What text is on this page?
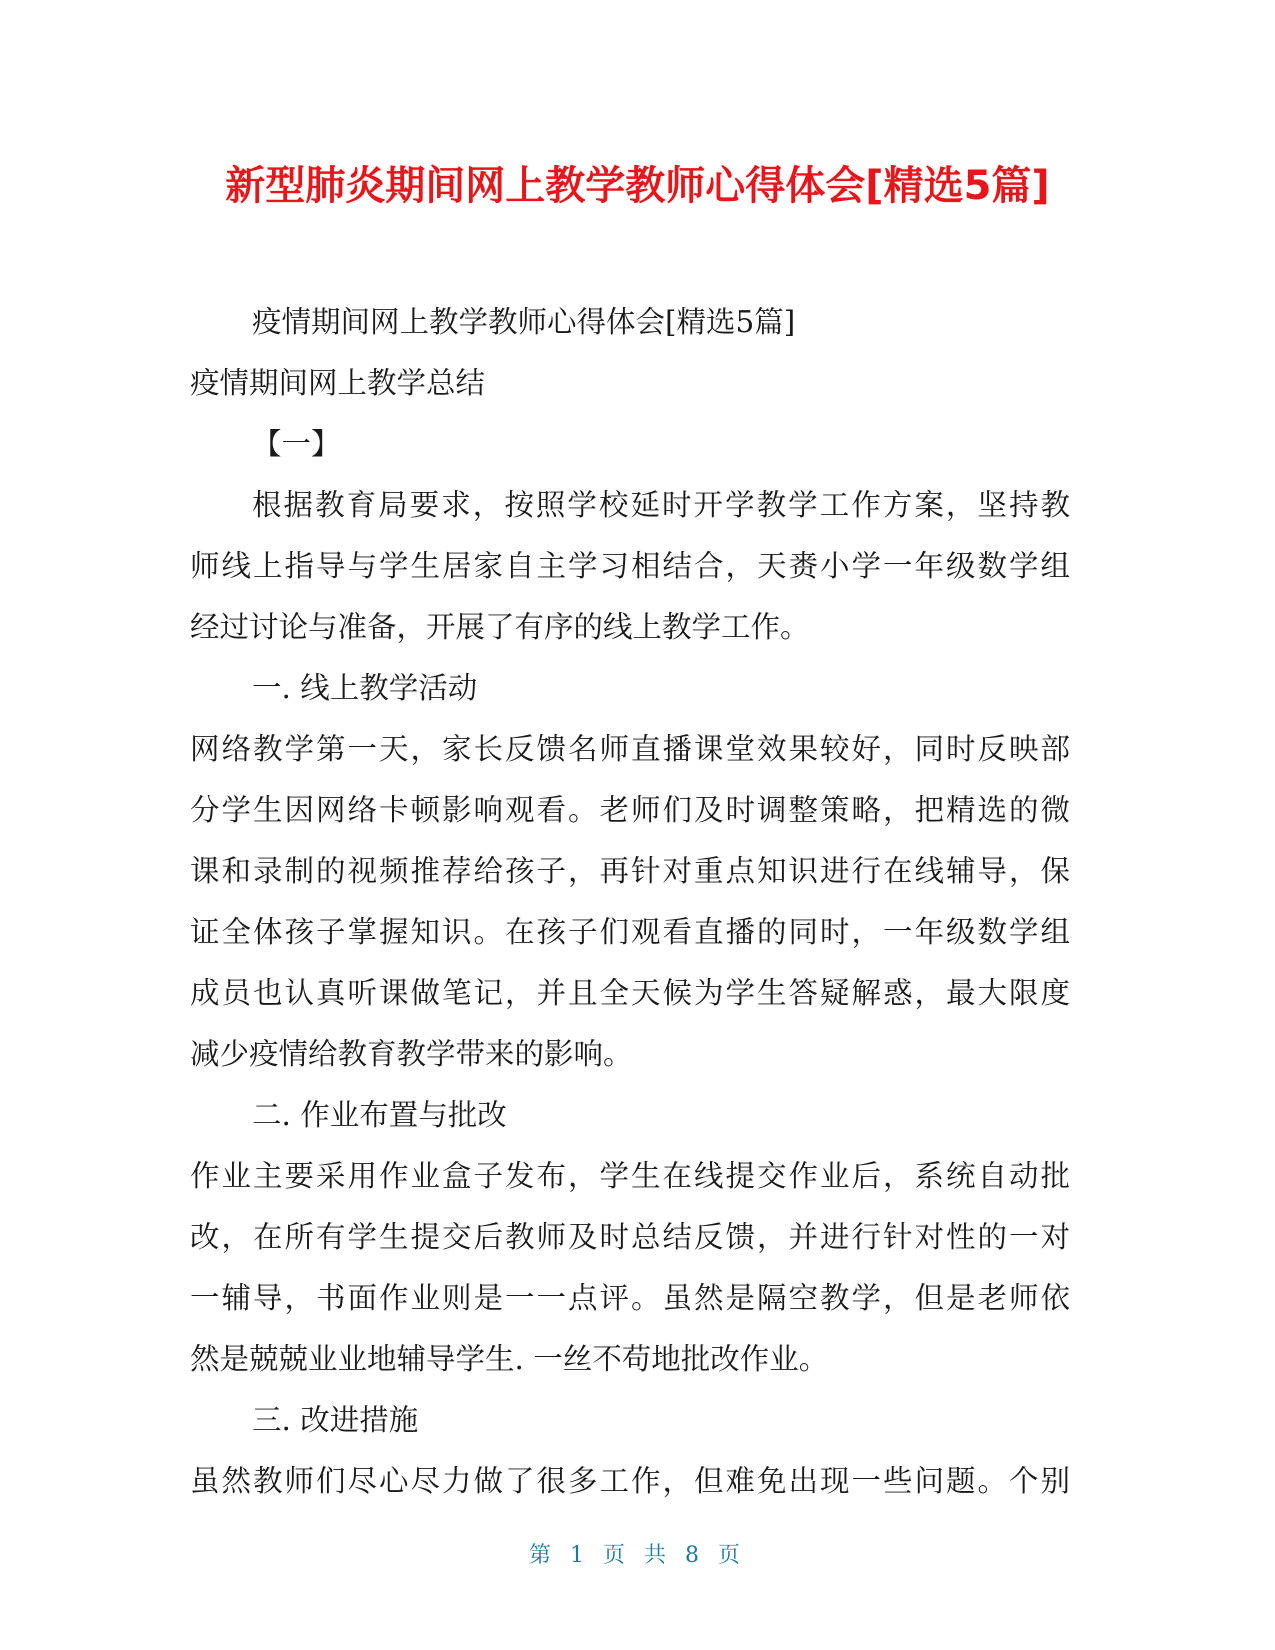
新型肺炎期间网上教学教师心得体会[精选5篇]
疫情期间网上教学教师心得体会[精选5篇]
疫情期间网上教学总结
【一】
根据教育局要求，按照学校延时开学教学工作方案，坚持教
师线上指导与学生居家自主学习相结合，天赉小学一年级数学组
经过讨论与准备，开展了有序的线上教学工作。
一. 线上教学活动
网络教学第一天，家长反馈名师直播课堂效果较好，同时反映部
分学生因网络卡顿影响观看。老师们及时调整策略，把精选的微
课和录制的视频推荐给孩子，再针对重点知识进行在线辅导，保
证全体孩子掌握知识。在孩子们观看直播的同时，一年级数学组
成员也认真听课做笔记，并且全天候为学生答疑解惑，最大限度
减少疫情给教育教学带来的影响。
二. 作业布置与批改
作业主要采用作业盒子发布，学生在线提交作业后，系统自动批
改，在所有学生提交后教师及时总结反馈，并进行针对性的一对
一辅导，书面作业则是一一点评。虽然是隔空教学，但是老师依
然是兢兢业业地辅导学生. 一丝不苟地批改作业。
三. 改进措施
虽然教师们尽心尽力做了很多工作，但难免出现一些问题。个别
第 1 页 共 8 页
